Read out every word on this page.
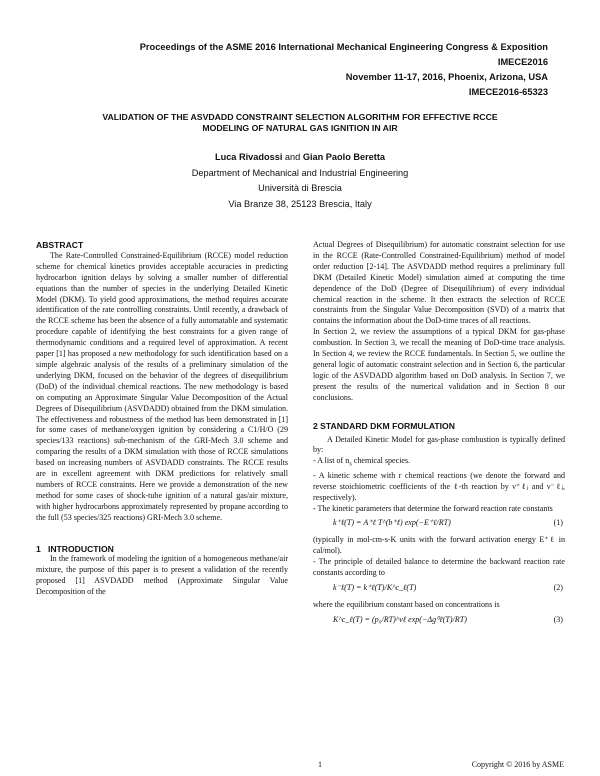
Proceedings of the ASME 2016 International Mechanical Engineering Congress & Exposition
IMECE2016
November 11-17, 2016, Phoenix, Arizona, USA
IMECE2016-65323
VALIDATION OF THE ASVDADD CONSTRAINT SELECTION ALGORITHM FOR EFFECTIVE RCCE
MODELING OF NATURAL GAS IGNITION IN AIR
Luca Rivadossi and Gian Paolo Beretta
Department of Mechanical and Industrial Engineering
Università di Brescia
Via Branze 38, 25123 Brescia, Italy

ABSTRACT

The Rate-Controlled Constrained-Equilibrium (RCCE) model reduction scheme for chemical kinetics provides acceptable accuracies in predicting hydrocarbon ignition delays by solving a smaller number of differential equations than the number of species in the underlying Detailed Kinetic Model (DKM). To yield good approximations, the method requires accurate identification of the rate controlling constraints. Until recently, a drawback of the RCCE scheme has been the absence of a fully automatable and systematic procedure capable of identifying the best constraints for a given range of thermodynamic conditions and a required level of approximation. A recent paper [1] has proposed a new methodology for such identification based on a simple algebraic analysis of the results of a preliminary simulation of the underlying DKM, focused on the behavior of the degrees of disequilibrium (DoD) of the individual chemical reactions. The new methodology is based on computing an Approximate Singular Value Decomposition of the Actual Degrees of Disequilibrium (ASVDADD) obtained from the DKM simulation. The effectiveness and robustness of the method has been demonstrated in [1] for some cases of methane/oxygen ignition by considering a C1/H/O (29 species/133 reactions) sub-mechanism of the GRI-Mech 3.0 scheme and comparing the results of a DKM simulation with those of RCCE simulations based on increasing numbers of ASVDADD constraints. The RCCE results are in excellent agreement with DKM predictions for relatively small numbers of RCCE constraints. Here we provide a demonstration of the new method for some cases of shock-tube ignition of a natural gas/air mixture, with higher hydrocarbons approximately represented by propane according to the full (53 species/325 reactions) GRI-Mech 3.0 scheme.

1 INTRODUCTION

In the framework of modeling the ignition of a homogeneous methane/air mixture, the purpose of this paper is to present a validation of the recently proposed [1] ASVDADD method (Approximate Singular Value Decomposition of the

Actual Degrees of Disequilibrium) for automatic constraint selection for use in the RCCE (Rate-Controlled Constrained-Equilibrium) method of model order reduction [2-14]. The ASVDADD method requires a preliminary full DKM (Detailed Kinetic Model) simulation aimed at computing the time dependence of the DoD (Degree of Disequilibrium) of every individual chemical reaction in the scheme. It then extracts the selection of RCCE constraints from the Singular Value Decomposition (SVD) of a matrix that contains the information about the DoD-time traces of all reactions.

In Section 2, we review the assumptions of a typical DKM for gas-phase combustion. In Section 3, we recall the meaning of DoD-time trace analysis. In Section 4, we review the RCCE fundamentals. In Section 5, we outline the general logic of automatic constraint selection and in Section 6, the particular logic of the ASVDADD algorithm based on DoD analysis. In Section 7, we present the results of the numerical validation and in Section 8 our conclusions.

2 STANDARD DKM FORMULATION

A Detailed Kinetic Model for gas-phase combustion is typically defined by:

- A list of $n_s$ chemical species.

- A kinetic scheme with r chemical reactions (we denote the forward and reverse stoichiometric coefficients of the ℓ-th reaction by ν⁺ℓⱼ and ν⁻ℓⱼ, respectively).

- The kinetic parameters that determine the forward reaction rate constants

k⁺ℓ(T) = A⁺ℓ T^(b⁺ℓ) exp(−E⁺ℓ/RT)	(1)

(typically in mol-cm-s-K units with the forward activation energy E⁺ℓ in cal/mol).

- The principle of detailed balance to determine the backward reaction rate constants according to

k⁻ℓ(T) = k⁺ℓ(T)/K^c_ℓ(T)	(2)

where the equilibrium constant based on concentrations is

K^c_ℓ(T) = (p₀/RT)^νℓ exp(−Δg⁰ℓ(T)/RT)	(3)
1	Copyright © 2016 by ASME
